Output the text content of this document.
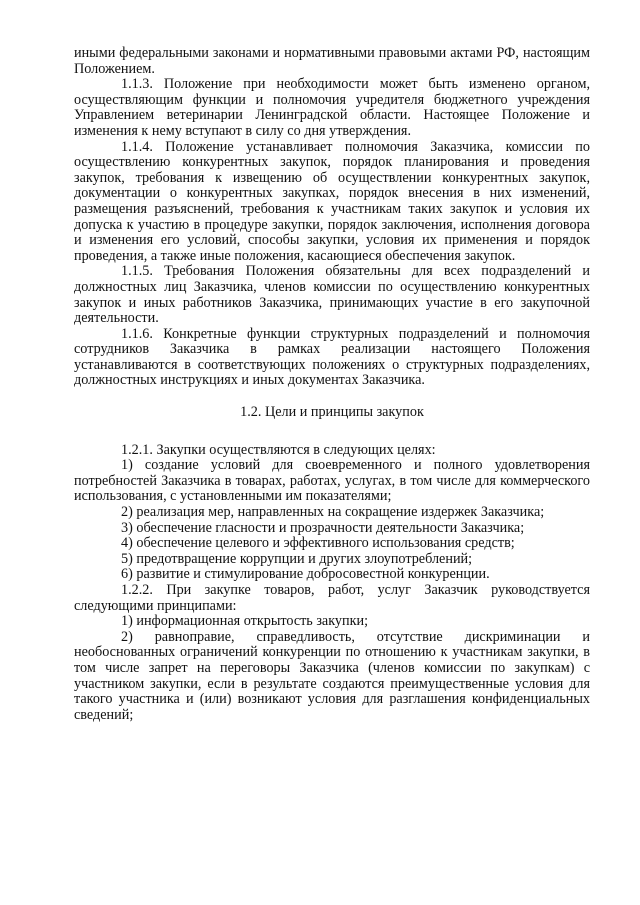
иными федеральными законами и нормативными правовыми актами РФ, настоящим Положением.

1.1.3. Положение при необходимости может быть изменено органом, осуществляющим функции и полномочия учредителя бюджетного учреждения Управлением ветеринарии Ленинградской области. Настоящее Положение и изменения к нему вступают в силу со дня утверждения.

1.1.4. Положение устанавливает полномочия Заказчика, комиссии по осуществлению конкурентных закупок, порядок планирования и проведения закупок, требования к извещению об осуществлении конкурентных закупок, документации о конкурентных закупках, порядок внесения в них изменений, размещения разъяснений, требования к участникам таких закупок и условия их допуска к участию в процедуре закупки, порядок заключения, исполнения договора и изменения его условий, способы закупки, условия их применения и порядок проведения, а также иные положения, касающиеся обеспечения закупок.

1.1.5. Требования Положения обязательны для всех подразделений и должностных лиц Заказчика, членов комиссии по осуществлению конкурентных закупок и иных работников Заказчика, принимающих участие в его закупочной деятельности.

1.1.6. Конкретные функции структурных подразделений и полномочия сотрудников Заказчика в рамках реализации настоящего Положения устанавливаются в соответствующих положениях о структурных подразделениях, должностных инструкциях и иных документах Заказчика.

1.2. Цели и принципы закупок

1.2.1. Закупки осуществляются в следующих целях:

1) создание условий для своевременного и полного удовлетворения потребностей Заказчика в товарах, работах, услугах, в том числе для коммерческого использования, с установленными им показателями;

2) реализация мер, направленных на сокращение издержек Заказчика;

3) обеспечение гласности и прозрачности деятельности Заказчика;

4) обеспечение целевого и эффективного использования средств;

5) предотвращение коррупции и других злоупотреблений;

6) развитие и стимулирование добросовестной конкуренции.

1.2.2. При закупке товаров, работ, услуг Заказчик руководствуется следующими принципами:

1) информационная открытость закупки;

2) равноправие, справедливость, отсутствие дискриминации и необоснованных ограничений конкуренции по отношению к участникам закупки, в том числе запрет на переговоры Заказчика (членов комиссии по закупкам) с участником закупки, если в результате создаются преимущественные условия для такого участника и (или) возникают условия для разглашения конфиденциальных сведений;
